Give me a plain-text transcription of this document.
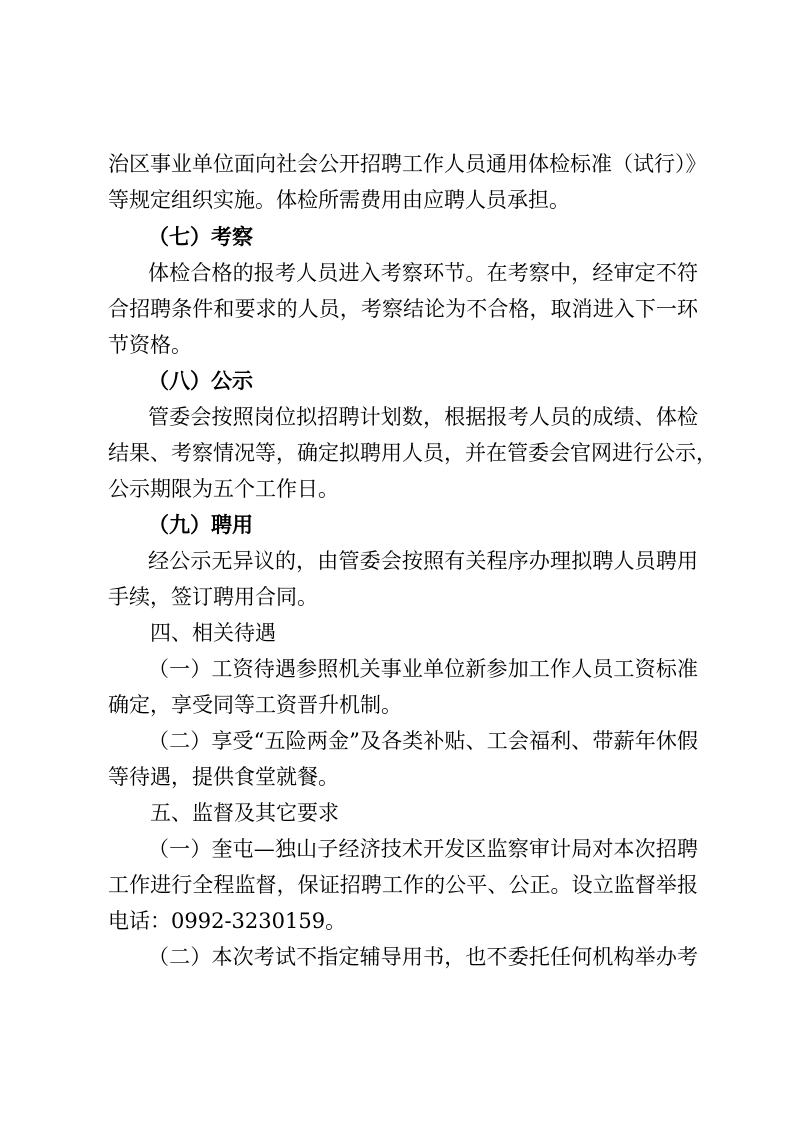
治区事业单位面向社会公开招聘工作人员通用体检标准（试行）》
等规定组织实施。体检所需费用由应聘人员承担。
（七）考察
体检合格的报考人员进入考察环节。在考察中，经审定不符
合招聘条件和要求的人员，考察结论为不合格，取消进入下一环
节资格。
（八）公示
管委会按照岗位拟招聘计划数，根据报考人员的成绩、体检
结果、考察情况等，确定拟聘用人员，并在管委会官网进行公示，
公示期限为五个工作日。
（九）聘用
经公示无异议的，由管委会按照有关程序办理拟聘人员聘用
手续，签订聘用合同。
四、相关待遇
（一）工资待遇参照机关事业单位新参加工作人员工资标准
确定，享受同等工资晋升机制。
（二）享受“五险两金”及各类补贴、工会福利、带薪年休假
等待遇，提供食堂就餐。
五、监督及其它要求
（一）奎屯—独山子经济技术开发区监察审计局对本次招聘
工作进行全程监督，保证招聘工作的公平、公正。设立监督举报
电话：0992-3230159。
（二）本次考试不指定辅导用书，也不委托任何机构举办考
